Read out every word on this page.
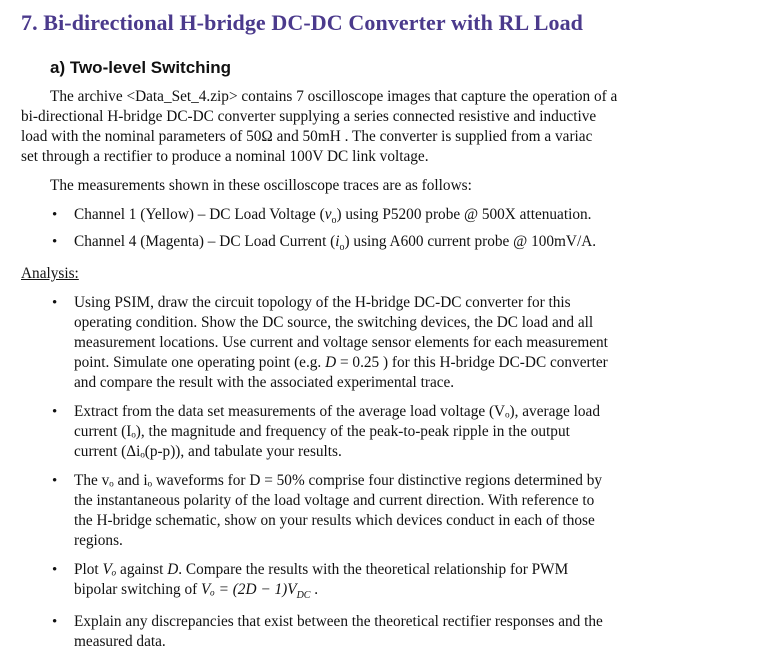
7. Bi-directional H-bridge DC-DC Converter with RL Load
a) Two-level Switching
The archive <Data_Set_4.zip> contains 7 oscilloscope images that capture the operation of a
bi-directional H-bridge DC-DC converter supplying a series connected resistive and inductive
load with the nominal parameters of 50Ω and 50mH . The converter is supplied from a variac
set through a rectifier to produce a nominal 100V DC link voltage.
The measurements shown in these oscilloscope traces are as follows:
• Channel 1 (Yellow) – DC Load Voltage $(v_o)$ using P5200 probe @ 500X attenuation.
• Channel 4 (Magenta) – DC Load Current $(i_o)$ using A600 current probe @ 100mV/A.
Analysis:
• Using PSIM, draw the circuit topology of the H-bridge DC-DC converter for this
operating condition. Show the DC source, the switching devices, the DC load and all
measurement locations. Use current and voltage sensor elements for each measurement
point. Simulate one operating point (e.g. D = 0.25 ) for this H-bridge DC-DC converter
and compare the result with the associated experimental trace.
• Extract from the data set measurements of the average load voltage (Vₒ), average load
current (Iₒ), the magnitude and frequency of the peak-to-peak ripple in the output
current (Δiₒ(p-p)), and tabulate your results.
• The vₒ and iₒ waveforms for D = 50% comprise four distinctive regions determined by
the instantaneous polarity of the load voltage and current direction. With reference to
the H-bridge schematic, show on your results which devices conduct in each of those
regions.
• Plot Vₒ against D. Compare the results with the theoretical relationship for PWM
bipolar switching of $V_o = (2D - 1)V_{DC}$ .
• Explain any discrepancies that exist between the theoretical rectifier responses and the
measured data.
